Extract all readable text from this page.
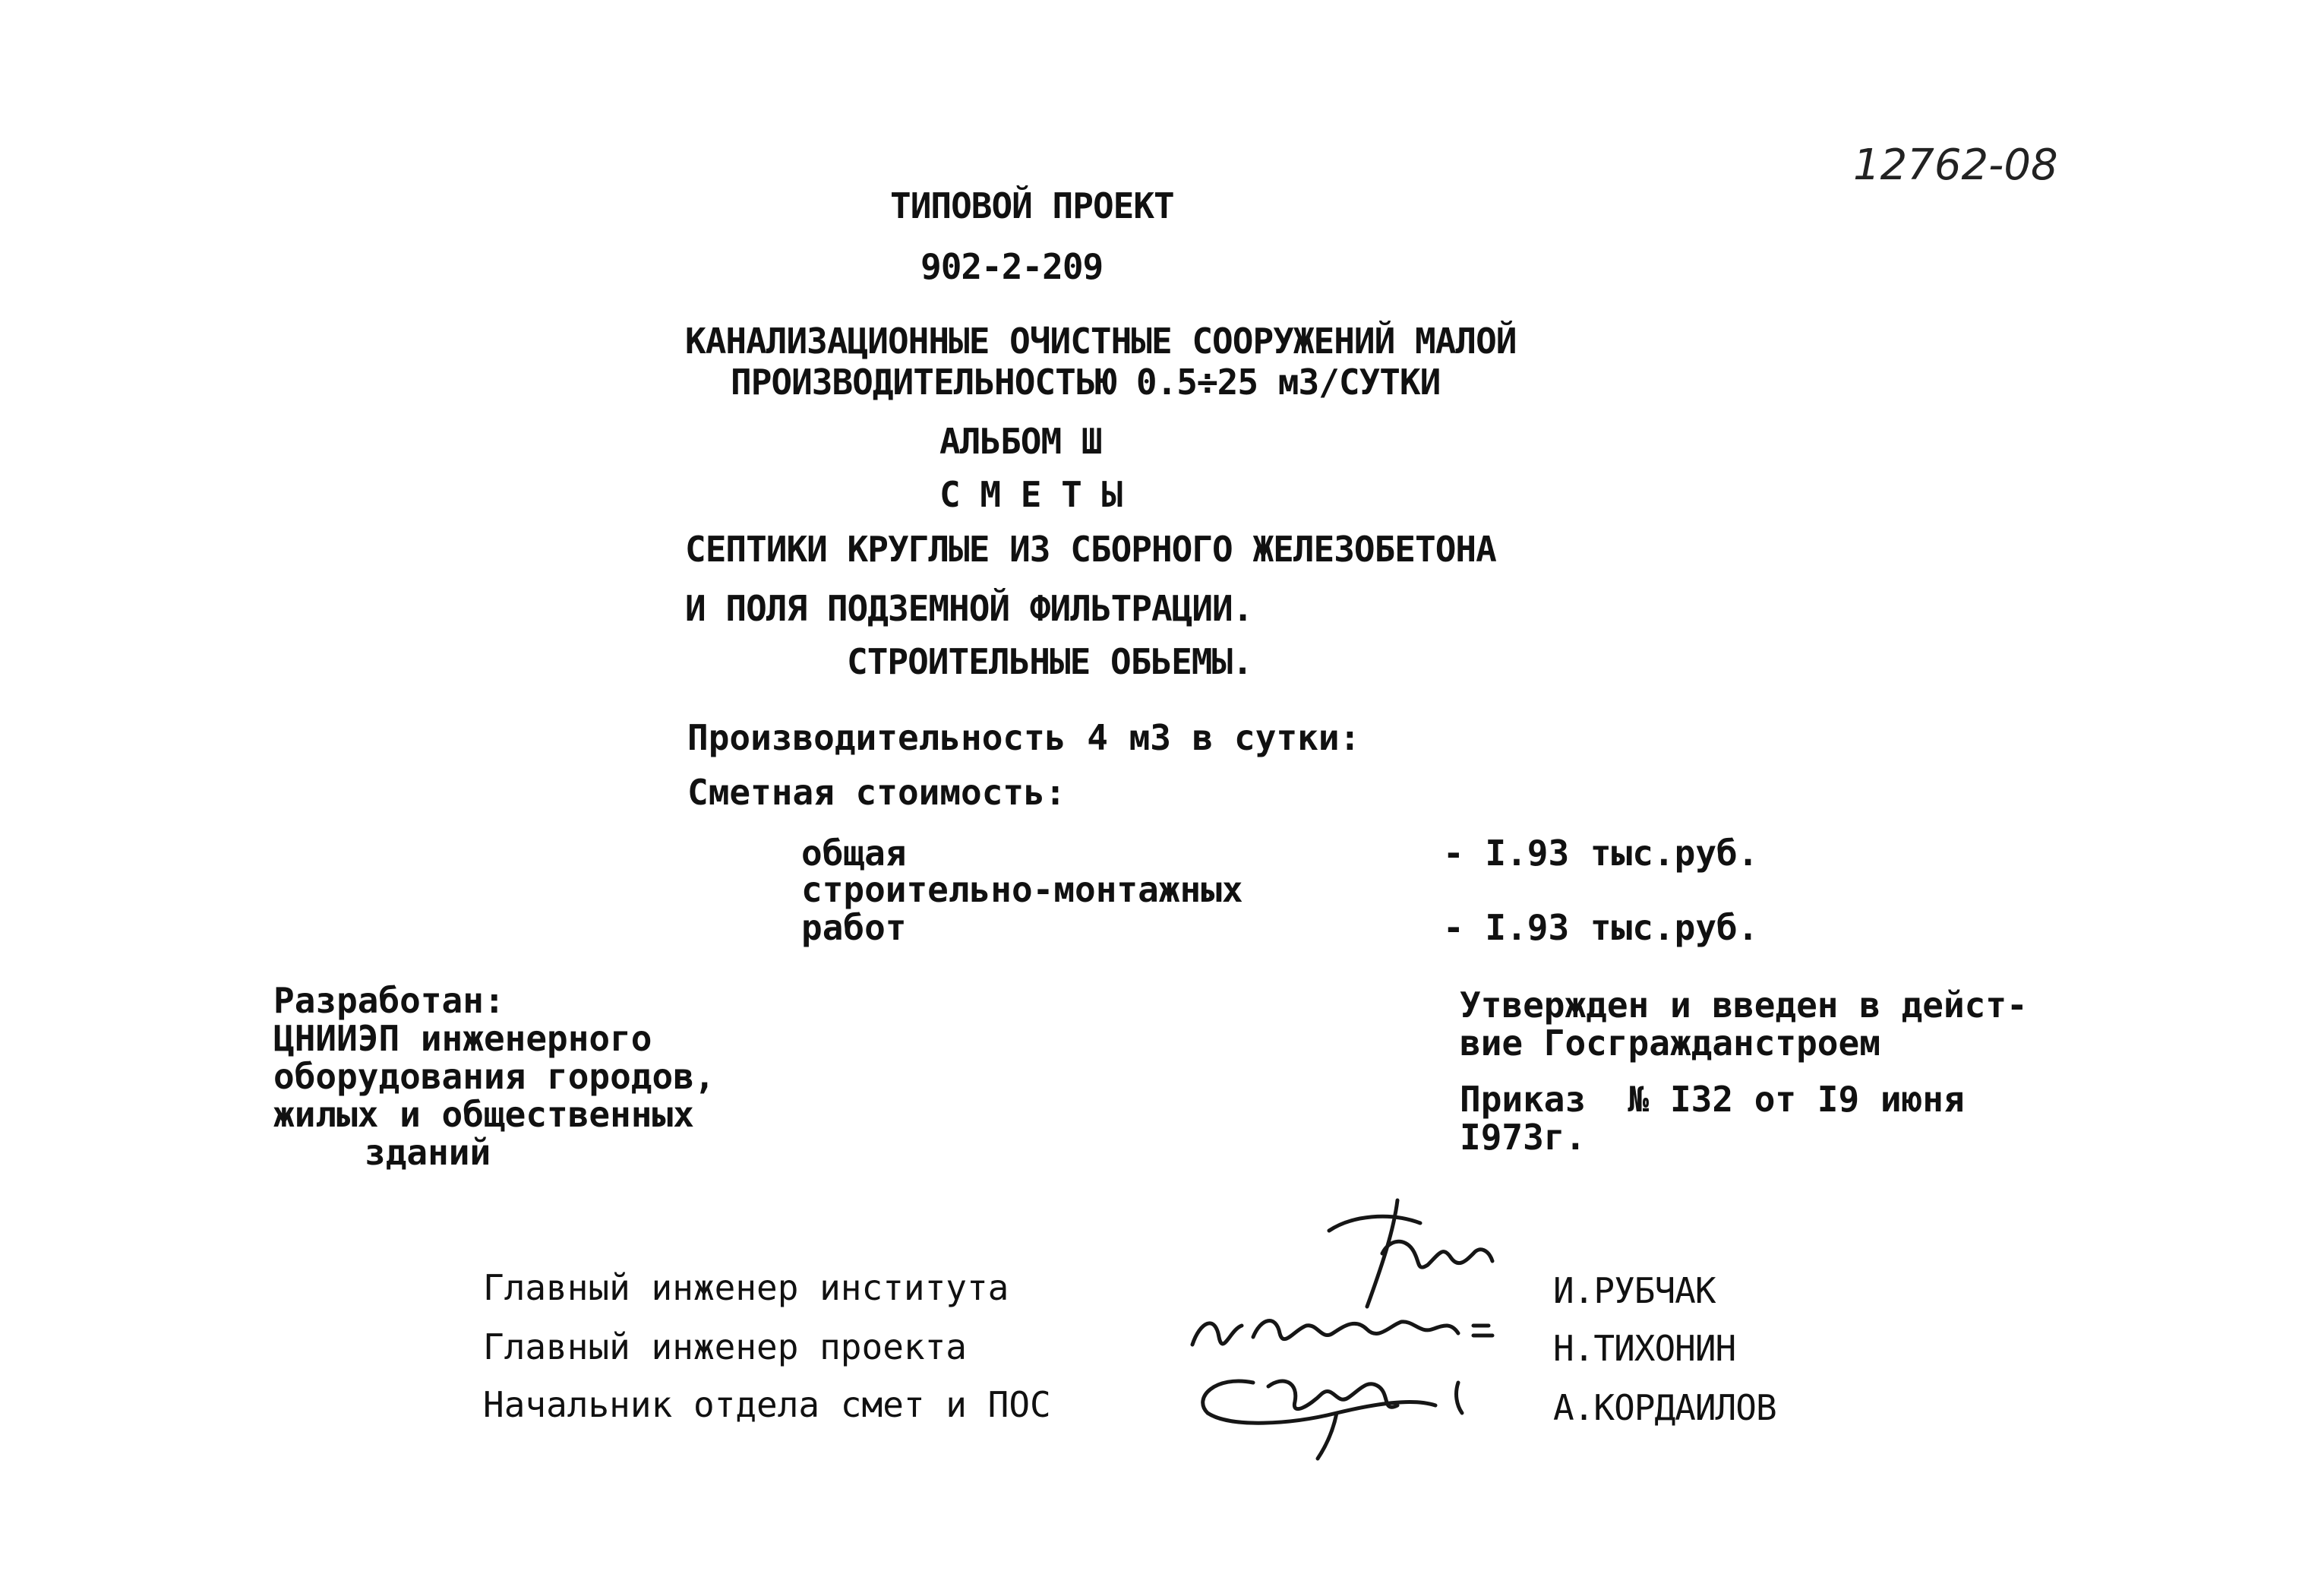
12762-08
ТИПОВОЙ ПРОЕКТ
902-2-209
КАНАЛИЗАЦИОННЫЕ ОЧИСТНЫЕ СООРУЖЕНИЙ МАЛОЙ
ПРОИЗВОДИТЕЛЬНОСТЬЮ 0.5÷25 мЗ/СУТКИ
АЛЬБОМ Ш
С М Е Т Ы
СЕПТИКИ КРУГЛЫЕ ИЗ СБОРНОГО ЖЕЛЕЗОБЕТОНА
И ПОЛЯ ПОДЗЕМНОЙ ФИЛЬТРАЦИИ.
СТРОИТЕЛЬНЫЕ ОБЬЕМЫ.
Производительность 4 мЗ в сутки:
Сметная стоимость:
общая	- I.93 тыс.руб.
строительно-монтажных
работ	- I.93 тыс.руб.
Разработан:
ЦНИИЭП инженерного
оборудования городов,
жилых и общественных
зданий
Утвержден и введен в дейст-
вие Госгражданстроем
Приказ  № I32 от I9 июня
I973г.
Главный инженер института
Главный инженер проекта
Начальник отдела смет и ПОС
И.РУБЧАК
Н.ТИХОНИН
А.КОРДАИЛОВ
